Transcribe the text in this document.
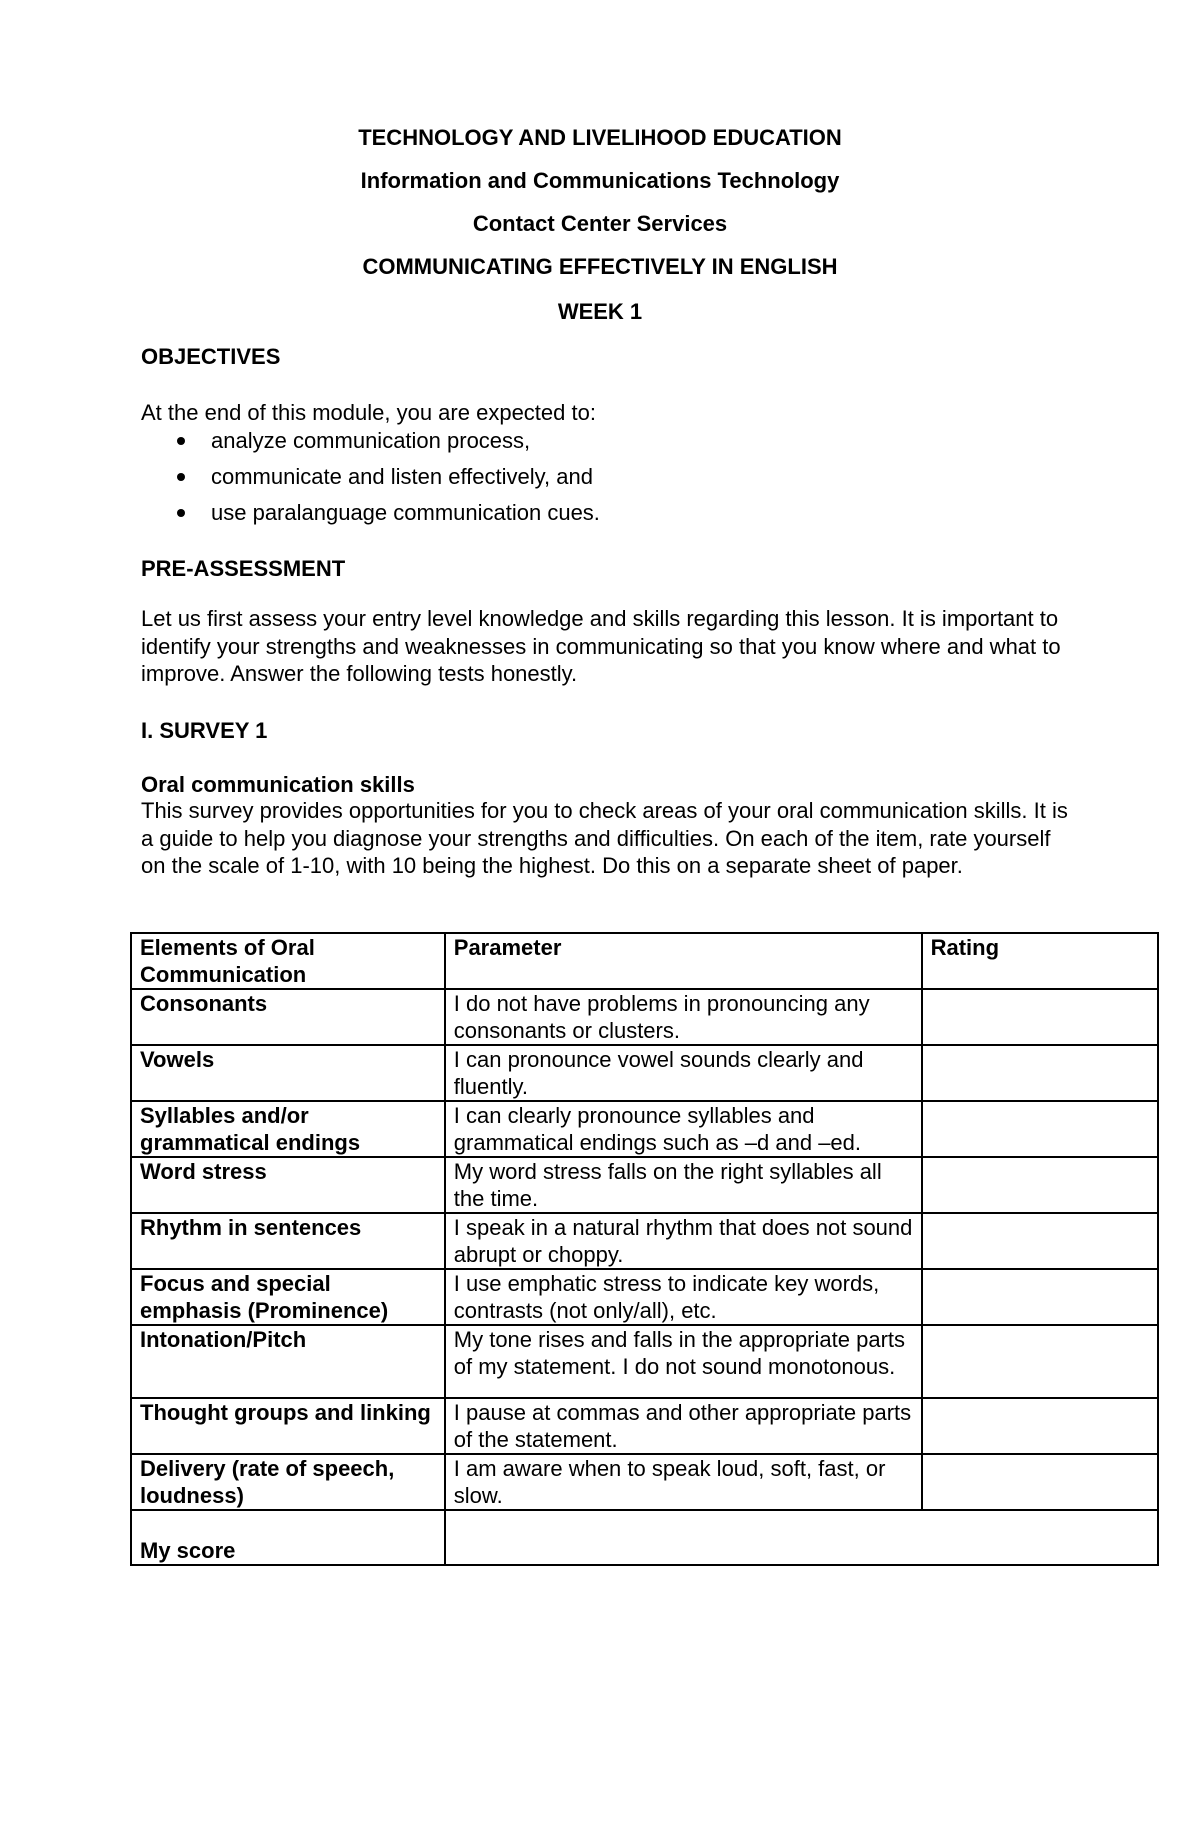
TECHNOLOGY AND LIVELIHOOD EDUCATION
Information and Communications Technology
Contact Center Services
COMMUNICATING EFFECTIVELY IN ENGLISH
WEEK 1
OBJECTIVES
At the end of this module, you are expected to:
analyze communication process,
communicate and listen effectively, and
use paralanguage communication cues.
PRE-ASSESSMENT
Let us first assess your entry level knowledge and skills regarding this lesson. It is important to identify your strengths and weaknesses in communicating so that you know where and what to improve. Answer the following tests honestly.
I. SURVEY 1
Oral communication skills
This survey provides opportunities for you to check areas of your oral communication skills. It is a guide to help you diagnose your strengths and difficulties. On each of the item, rate yourself on the scale of 1-10, with 10 being the highest. Do this on a separate sheet of paper.
Elements of Oral Communication	Parameter	Rating
Consonants	I do not have problems in pronouncing any consonants or clusters.	
Vowels	I can pronounce vowel sounds clearly and fluently.	
Syllables and/or grammatical endings	I can clearly pronounce syllables and grammatical endings such as –d and –ed.	
Word stress	My word stress falls on the right syllables all the time.	
Rhythm in sentences	I speak in a natural rhythm that does not sound abrupt or choppy.	
Focus and special emphasis (Prominence)	I use emphatic stress to indicate key words, contrasts (not only/all), etc.	
Intonation/Pitch	My tone rises and falls in the appropriate parts of my statement. I do not sound monotonous.	
Thought groups and linking	I pause at commas and other appropriate parts of the statement.	
Delivery (rate of speech, loudness)	I am aware when to speak loud, soft, fast, or slow.	
My score		
